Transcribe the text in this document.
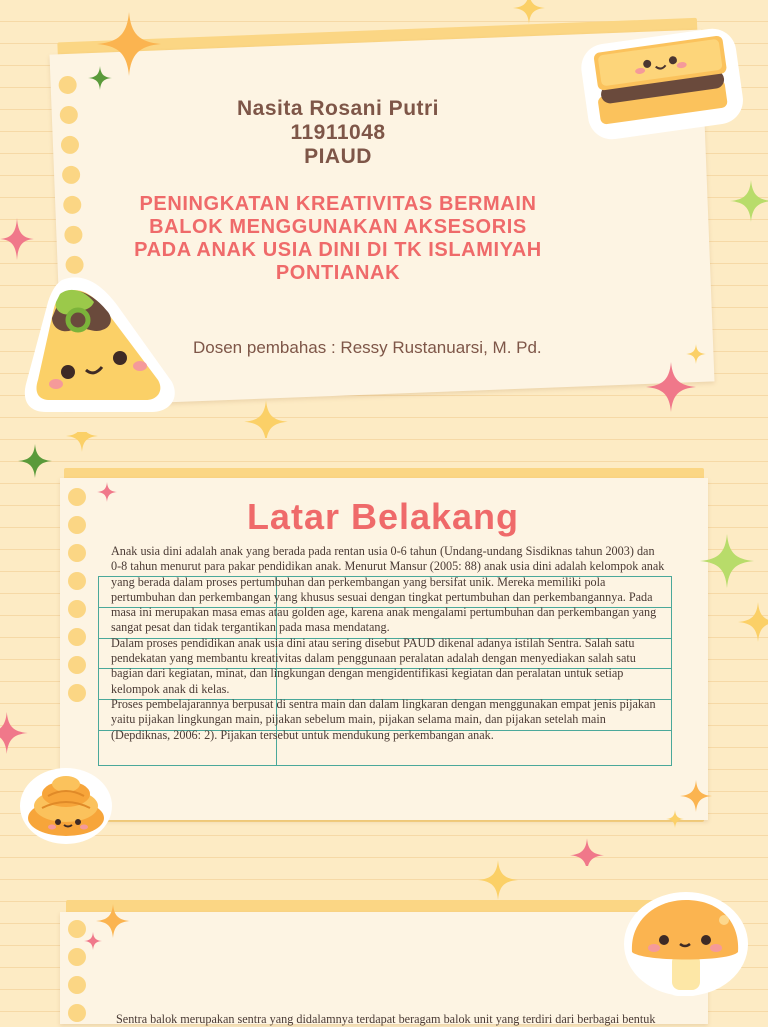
Nasita Rosani Putri
11911048
PIAUD
PENINGKATAN KREATIVITAS BERMAIN
BALOK MENGGUNAKAN AKSESORIS
PADA ANAK USIA DINI DI TK ISLAMIYAH
PONTIANAK
Dosen pembahas : Ressy Rustanuarsi, M. Pd.
Latar Belakang

Anak usia dini adalah anak yang berada pada rentan usia 0-6 tahun (Undang-undang Sisdiknas tahun 2003) dan 0-8 tahun menurut para pakar pendidikan anak. Menurut Mansur (2005: 88) anak usia dini adalah kelompok anak yang berada dalam proses pertumbuhan dan perkembangan yang bersifat unik. Mereka memiliki pola pertumbuhan dan perkembangan yang khusus sesuai dengan tingkat pertumbuhan dan perkembangannya. Pada masa ini merupakan masa emas atau golden age, karena anak mengalami pertumbuhan dan perkembangan yang sangat pesat dan tidak tergantikan pada masa mendatang.

Dalam proses pendidikan anak usia dini atau sering disebut PAUD dikenal adanya istilah Sentra. Salah satu pendekatan yang membantu kreativitas dalam penggunaan peralatan adalah dengan menyediakan salah satu bagian dari kegiatan, minat, dan lingkungan dengan mengidentifikasi kegiatan dan peralatan untuk setiap kelompok anak di kelas.

Proses pembelajarannya berpusat di sentra main dan dalam lingkaran dengan menggunakan empat jenis pijakan yaitu pijakan lingkungan main, pijakan sebelum main, pijakan selama main, dan pijakan setelah main (Depdiknas, 2006: 2). Pijakan tersebut untuk mendukung perkembangan anak.

Sentra balok merupakan sentra yang didalamnya terdapat beragam balok unit yang terdiri dari berbagai bentuk
